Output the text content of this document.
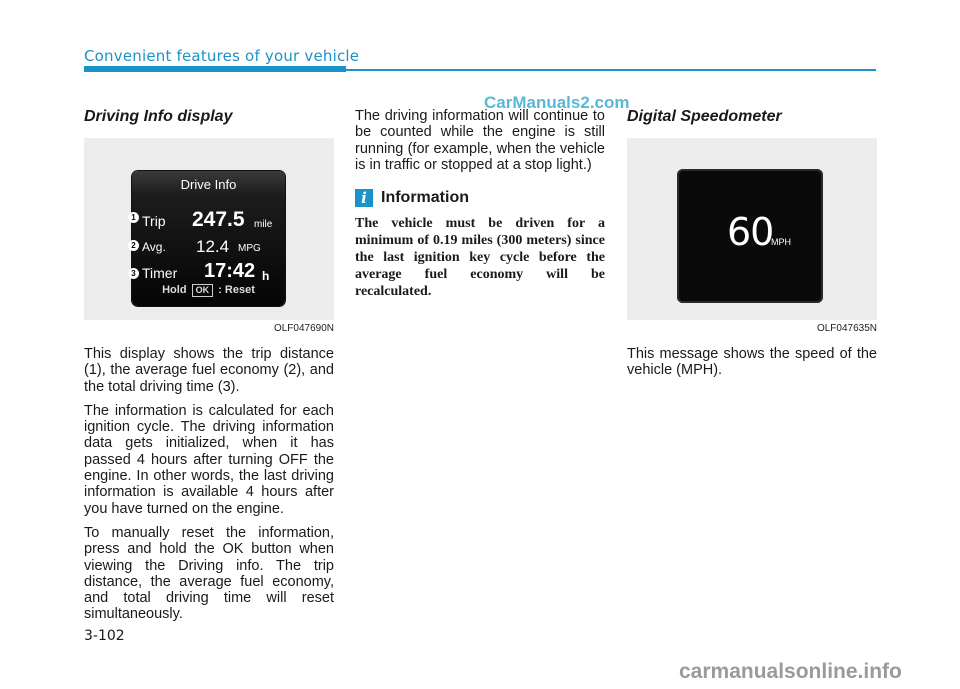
Convenient features of your vehicle
CarManuals2.com
Driving Info display
Drive Info
1 Trip 247.5 mile
2 Avg. 12.4 MPG
3 Timer 17:42 h
Hold OK : Reset
OLF047690N

This display shows the trip distance (1), the average fuel economy (2), and the total driving time (3).

The information is calculated for each ignition cycle. The driving information data gets initialized, when it has passed 4 hours after turning OFF the engine. In other words, the last driving information is available 4 hours after you have turned on the engine.

To manually reset the information, press and hold the OK button when viewing the Driving info. The trip distance, the average fuel economy, and total driving time will reset simultaneously.

The driving information will continue to be counted while the engine is still running (for example, when the vehicle is in traffic or stopped at a stop light.)

i Information

The vehicle must be driven for a minimum of 0.19 miles (300 meters) since the last ignition key cycle before the average fuel economy will be recalculated.

Digital Speedometer
60
MPH
OLF047635N

This message shows the speed of the vehicle (MPH).

3-102
carmanualsonline.info
